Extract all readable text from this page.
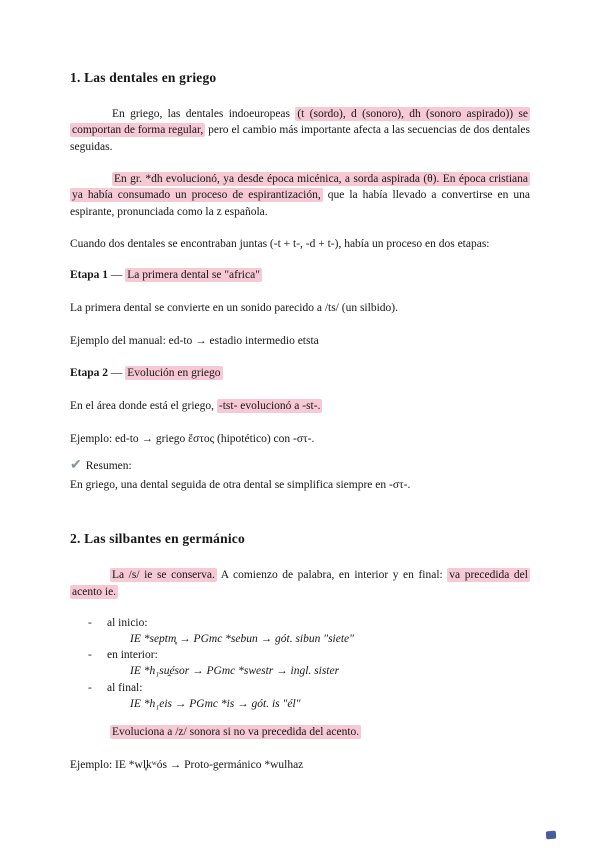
1. Las dentales en griego

En griego, las dentales indoeuropeas (t (sordo), d (sonoro), dh (sonoro aspirado)) se comportan de forma regular, pero el cambio más importante afecta a las secuencias de dos dentales seguidas.

En gr. *dh evolucionó, ya desde época micénica, a sorda aspirada (θ). En época cristiana ya había consumado un proceso de espirantización, que la había llevado a convertirse en una espirante, pronunciada como la z española.

Cuando dos dentales se encontraban juntas (-t + t-, -d + t-), había un proceso en dos etapas:

Etapa 1 — La primera dental se "africa"

La primera dental se convierte en un sonido parecido a /ts/ (un silbido).

Ejemplo del manual: ed-to → estadio intermedio etsta

Etapa 2 — Evolución en griego

En el área donde está el griego, -tst- evolucionó a -st-.

Ejemplo: ed-to → griego ἕστος (hipotético) con -στ-.

✔ Resumen:
En griego, una dental seguida de otra dental se simplifica siempre en -στ-.
2. Las silbantes en germánico

La /s/ ie se conserva. A comienzo de palabra, en interior y en final: va precedida del acento ie.

-	al inicio:
IE *septm̥ → PGmc *sebun → gót. sibun "siete"
-	en interior:
IE *h₁su̯ésor → PGmc *swestr → ingl. sister
-	al final:
IE *h₁eis → PGmc *is → gót. is "él"

Evoluciona a /z/ sonora si no va precedida del acento.

Ejemplo: IE *wl̥kʷós → Proto-germánico *wulhaz
